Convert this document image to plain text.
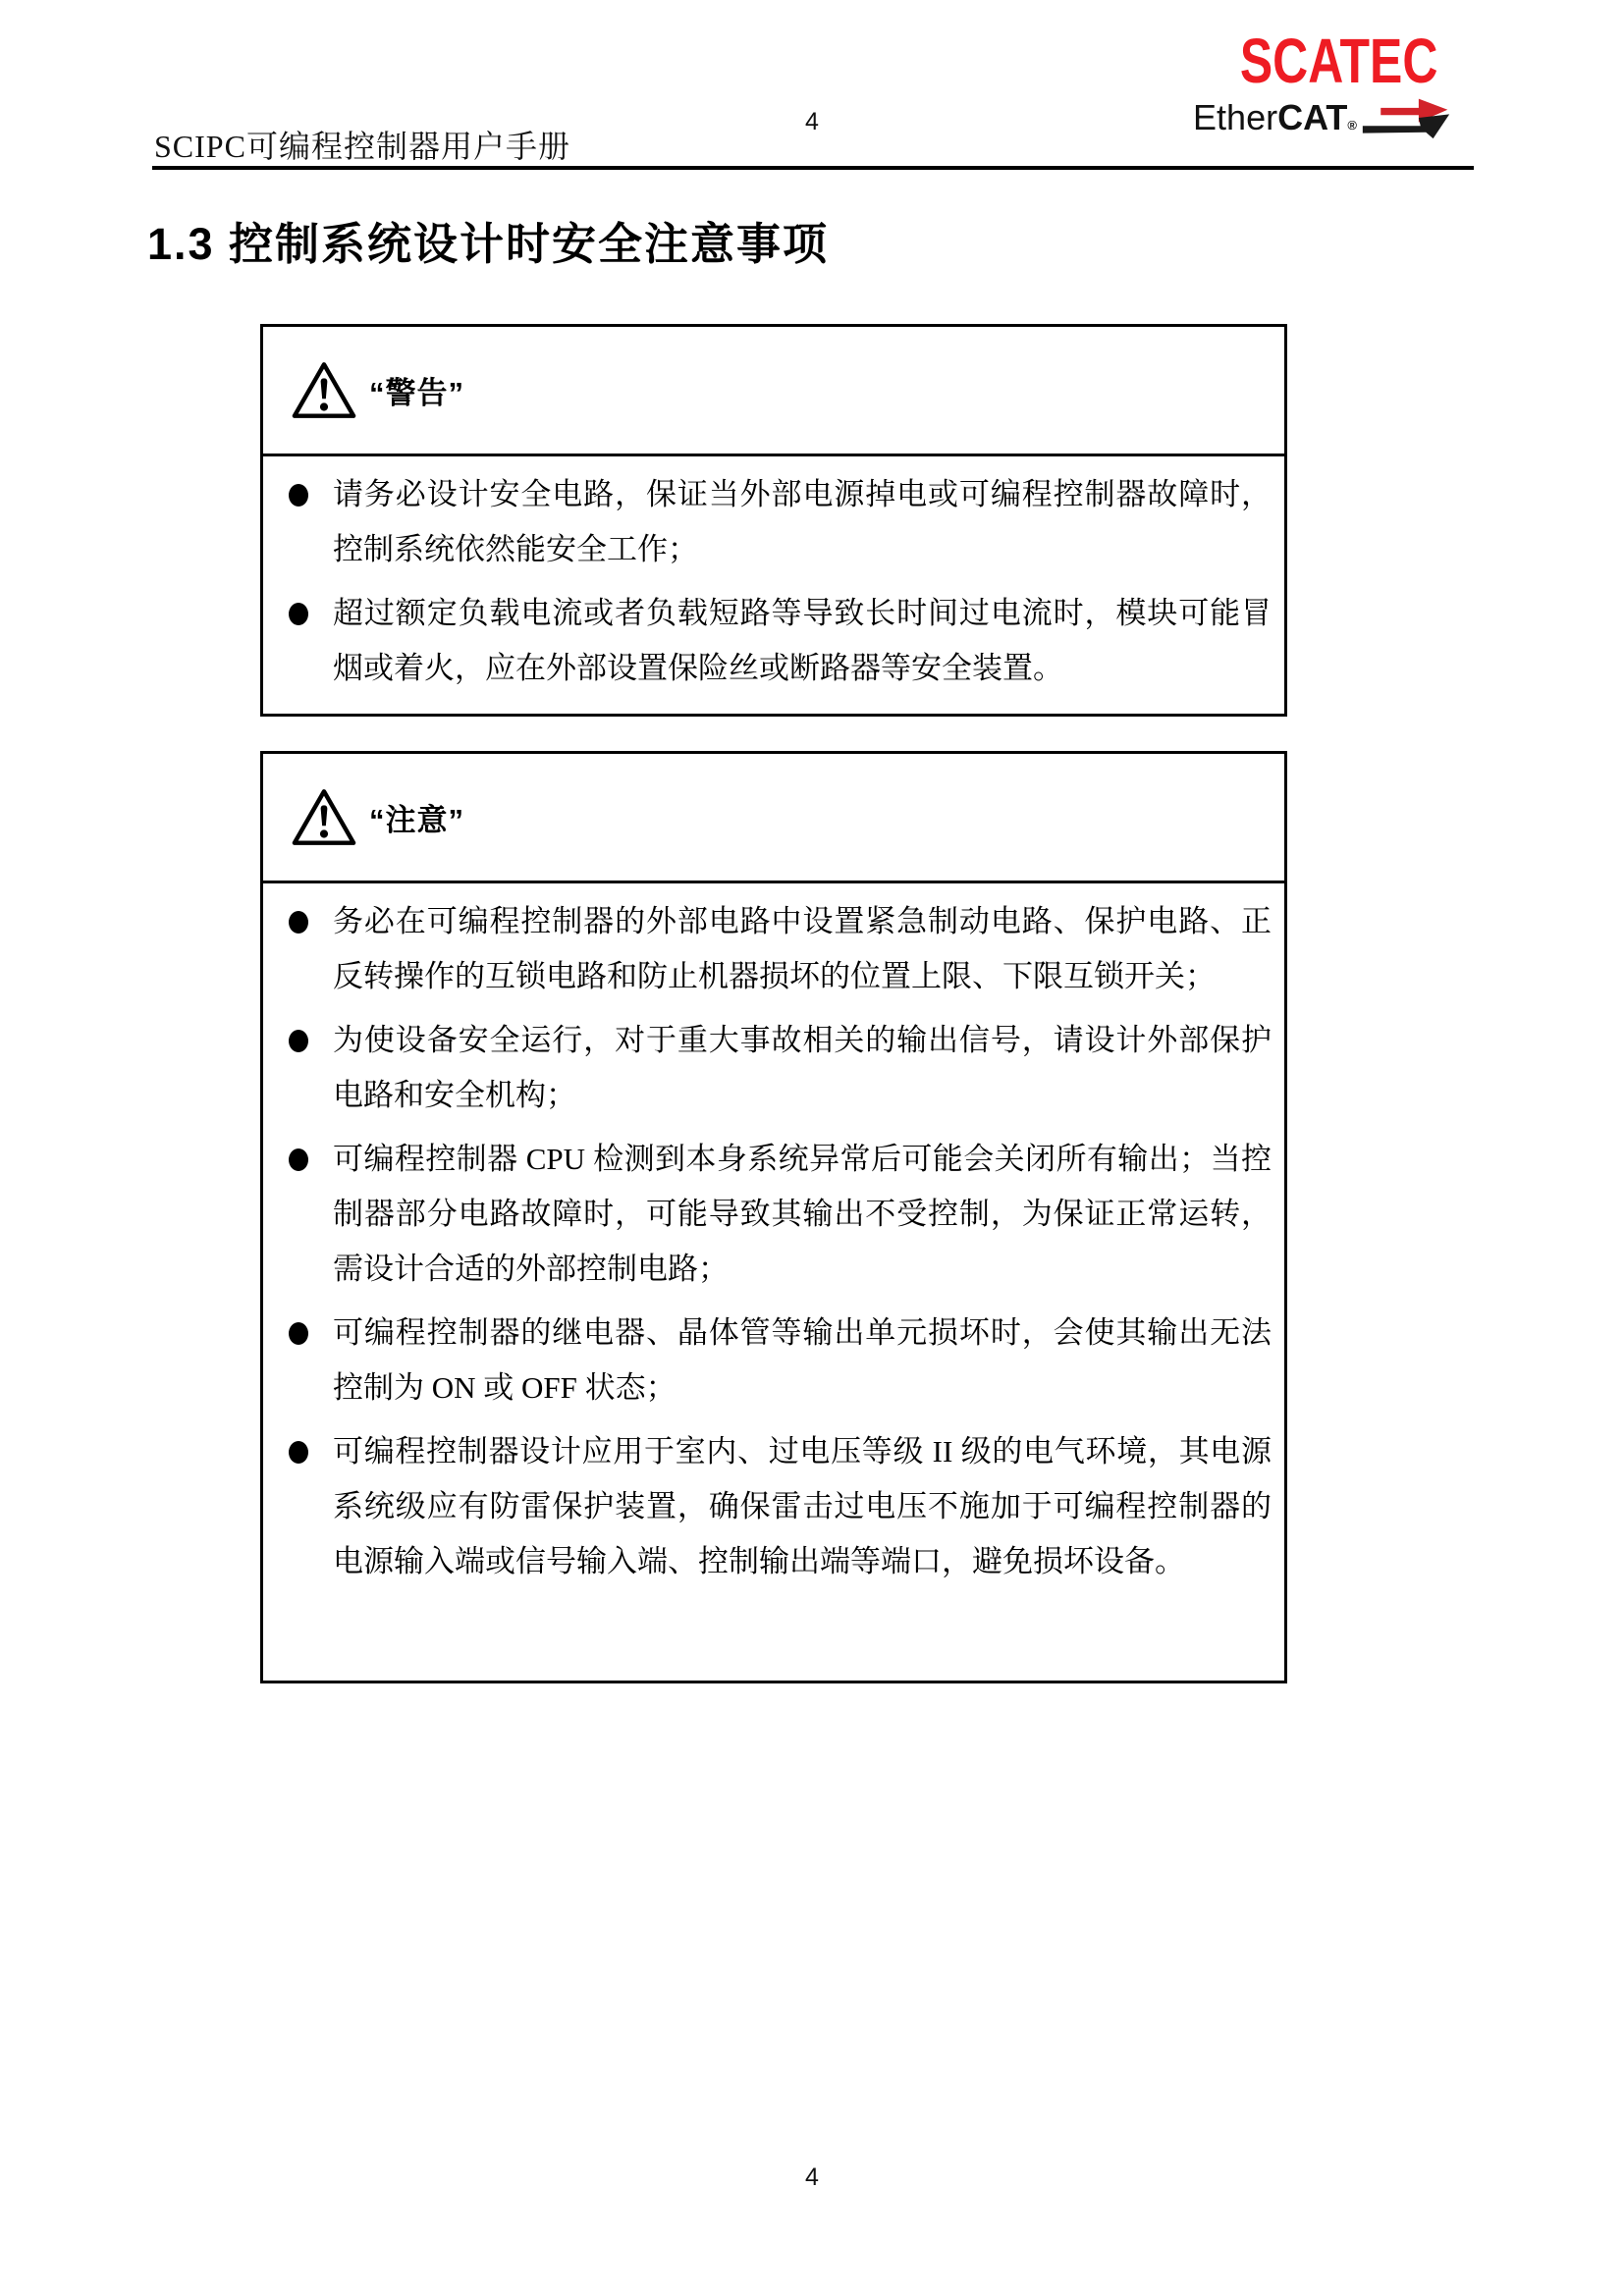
SCIPC可编程控制器用户手册
4
SCATEC
EtherCAT®
1.3 控制系统设计时安全注意事项
“警告”
请务必设计安全电路，保证当外部电源掉电或可编程控制器故障时，控制系统依然能安全工作；
超过额定负载电流或者负载短路等导致长时间过电流时，模块可能冒烟或着火，应在外部设置保险丝或断路器等安全装置。
“注意”
务必在可编程控制器的外部电路中设置紧急制动电路、保护电路、正反转操作的互锁电路和防止机器损坏的位置上限、下限互锁开关；
为使设备安全运行，对于重大事故相关的输出信号，请设计外部保护电路和安全机构；
可编程控制器 CPU 检测到本身系统异常后可能会关闭所有输出；当控制器部分电路故障时，可能导致其输出不受控制，为保证正常运转，需设计合适的外部控制电路；
可编程控制器的继电器、晶体管等输出单元损坏时，会使其输出无法控制为 ON 或 OFF 状态；
可编程控制器设计应用于室内、过电压等级 II 级的电气环境，其电源系统级应有防雷保护装置，确保雷击过电压不施加于可编程控制器的电源输入端或信号输入端、控制输出端等端口，避免损坏设备。
4
